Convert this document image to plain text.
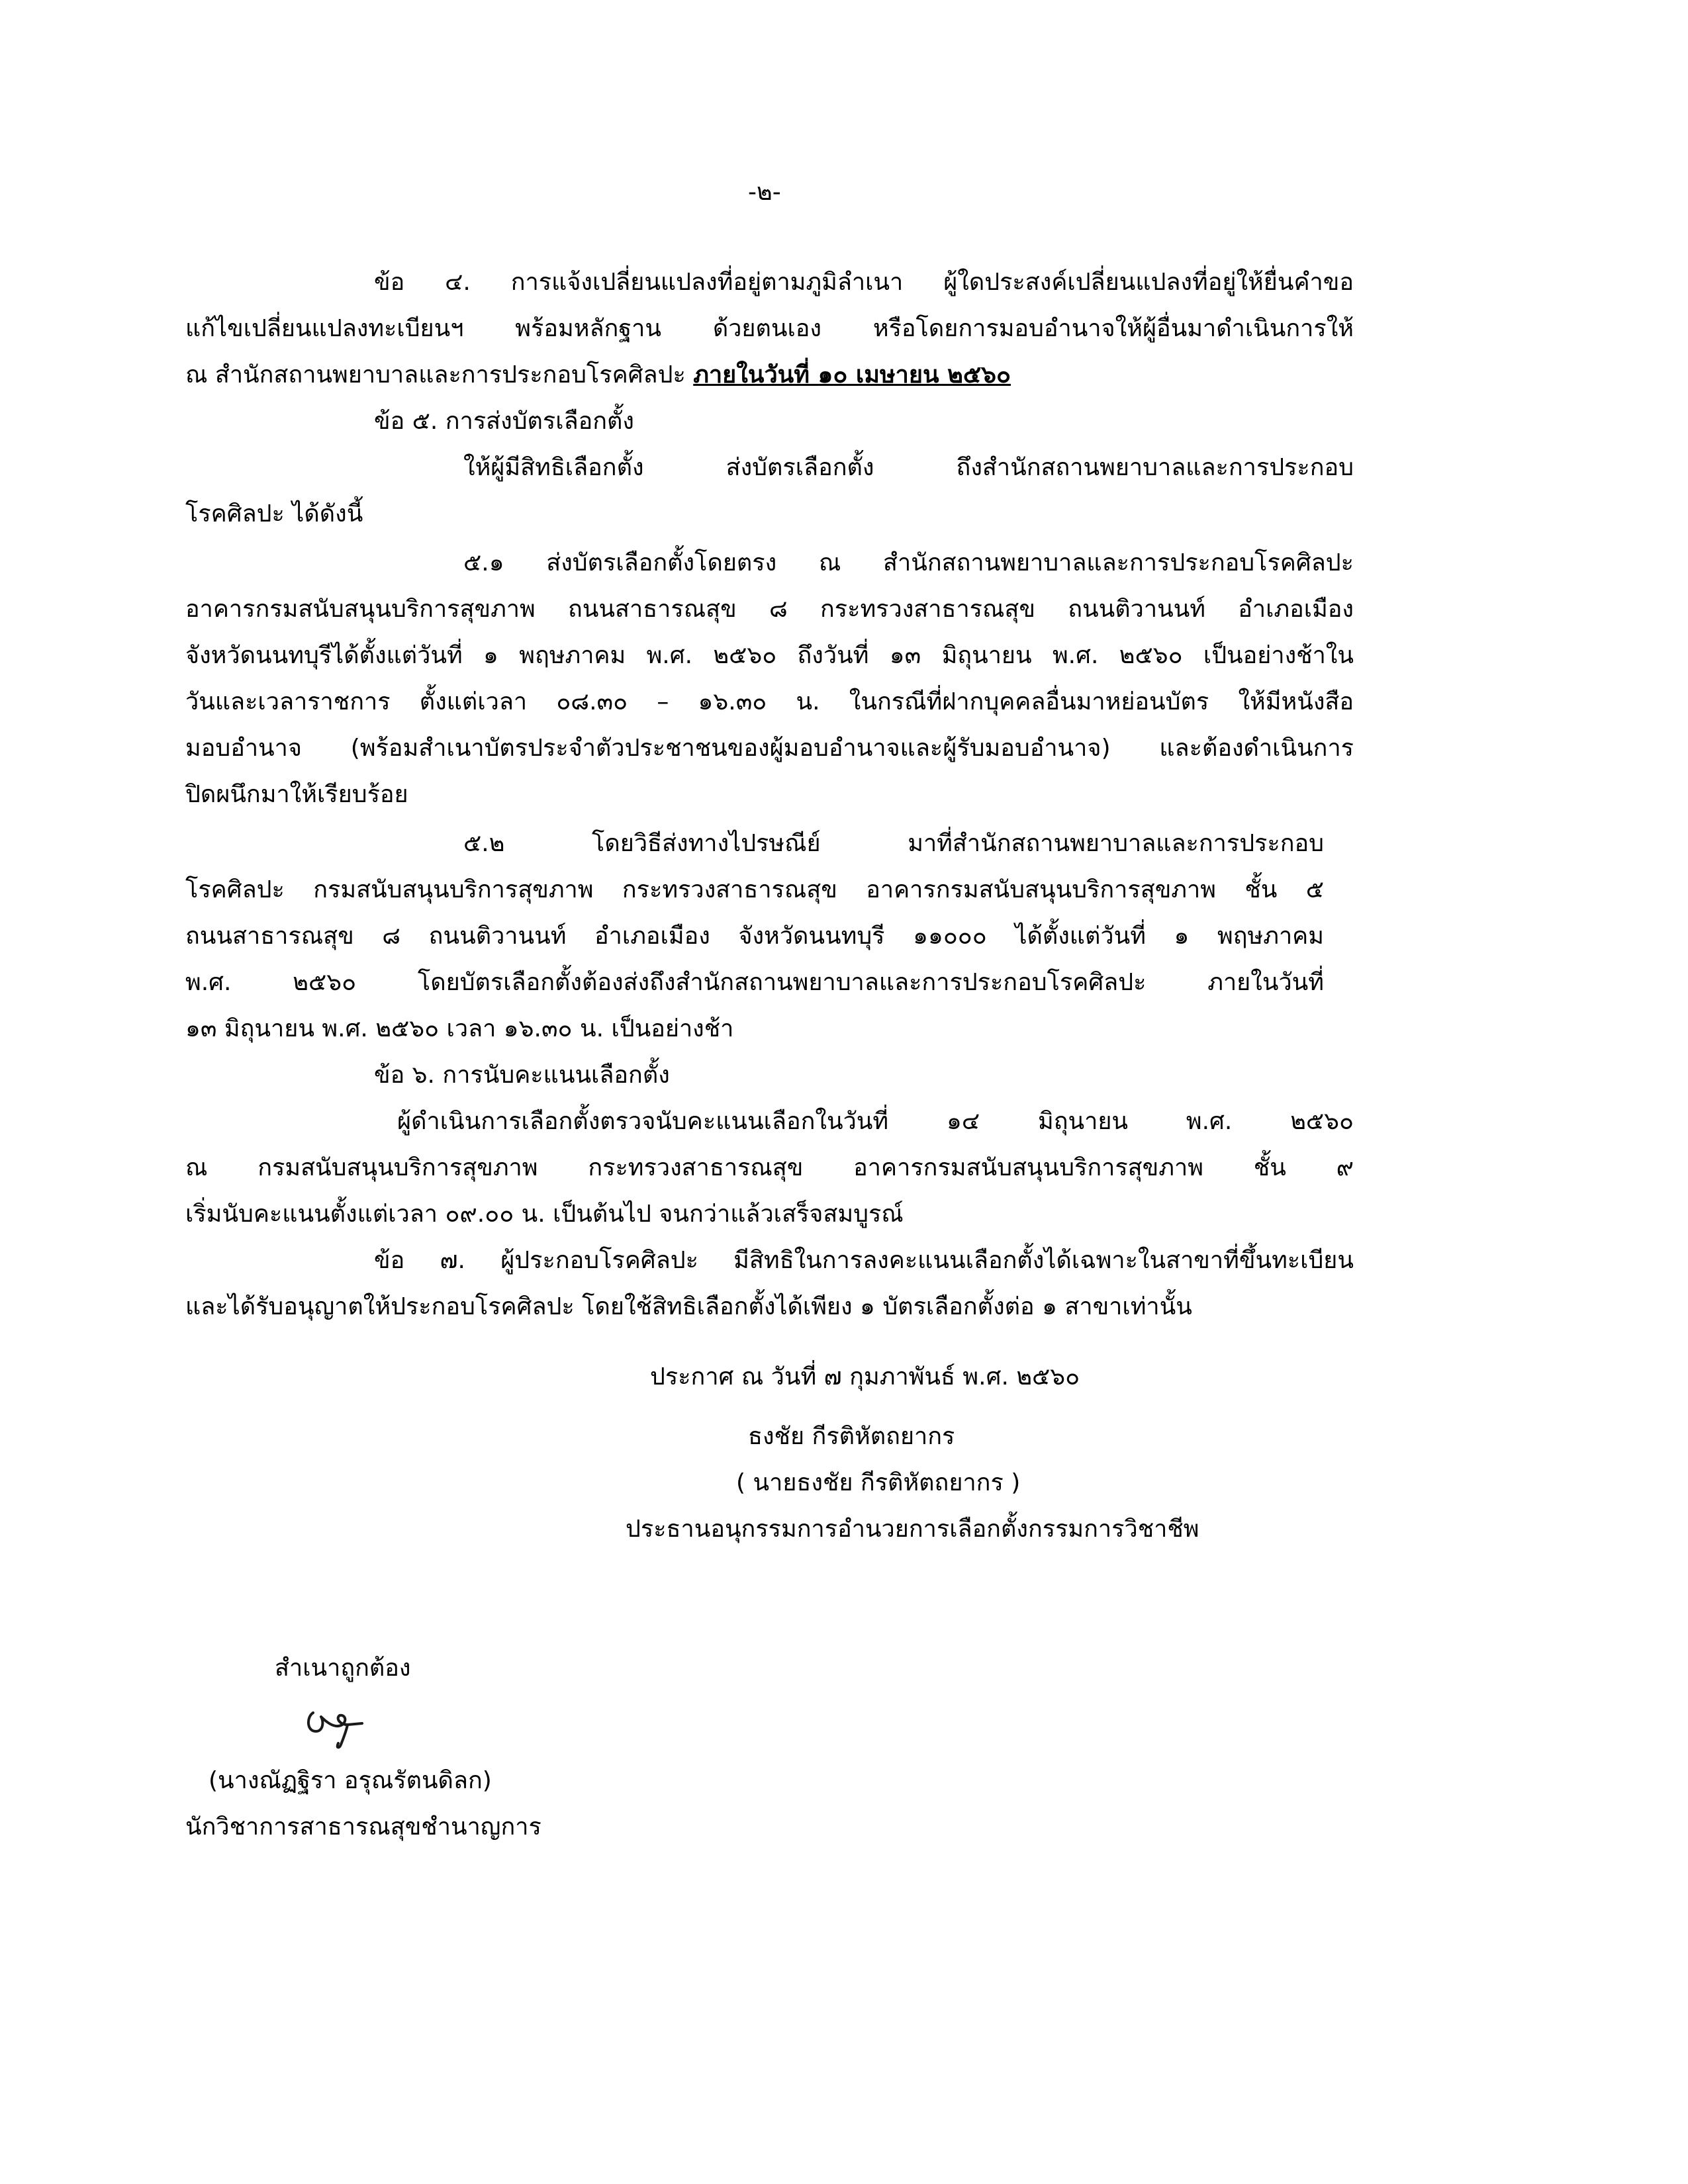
-๒-
ข้อ ๔. การแจ้งเปลี่ยนแปลงที่อยู่ตามภูมิลำเนา ผู้ใดประสงค์เปลี่ยนแปลงที่อยู่ให้ยื่นคำขอ
แก้ไขเปลี่ยนแปลงทะเบียนฯ พร้อมหลักฐาน ด้วยตนเอง หรือโดยการมอบอำนาจให้ผู้อื่นมาดำเนินการให้
ณ สำนักสถานพยาบาลและการประกอบโรคศิลปะ ภายในวันที่ ๑๐ เมษายน ๒๕๖๐
ข้อ ๕. การส่งบัตรเลือกตั้ง
ให้ผู้มีสิทธิเลือกตั้ง ส่งบัตรเลือกตั้ง ถึงสำนักสถานพยาบาลและการประกอบ
โรคศิลปะ ได้ดังนี้
๕.๑ ส่งบัตรเลือกตั้งโดยตรง ณ สำนักสถานพยาบาลและการประกอบโรคศิลปะ
อาคารกรมสนับสนุนบริการสุขภาพ ถนนสาธารณสุข ๘ กระทรวงสาธารณสุข ถนนติวานนท์ อำเภอเมือง
จังหวัดนนทบุรีได้ตั้งแต่วันที่ ๑ พฤษภาคม พ.ศ. ๒๕๖๐ ถึงวันที่ ๑๓ มิถุนายน พ.ศ. ๒๕๖๐ เป็นอย่างช้าใน
วันและเวลาราชการ ตั้งแต่เวลา ๐๘.๓๐ – ๑๖.๓๐ น. ในกรณีที่ฝากบุคคลอื่นมาหย่อนบัตร ให้มีหนังสือ
มอบอำนาจ (พร้อมสำเนาบัตรประจำตัวประชาชนของผู้มอบอำนาจและผู้รับมอบอำนาจ) และต้องดำเนินการ
ปิดผนึกมาให้เรียบร้อย
๕.๒ โดยวิธีส่งทางไปรษณีย์ มาที่สำนักสถานพยาบาลและการประกอบ
โรคศิลปะ กรมสนับสนุนบริการสุขภาพ กระทรวงสาธารณสุข อาคารกรมสนับสนุนบริการสุขภาพ ชั้น ๕
ถนนสาธารณสุข ๘ ถนนติวานนท์ อำเภอเมือง จังหวัดนนทบุรี ๑๑๐๐๐ ได้ตั้งแต่วันที่ ๑ พฤษภาคม
พ.ศ. ๒๕๖๐ โดยบัตรเลือกตั้งต้องส่งถึงสำนักสถานพยาบาลและการประกอบโรคศิลปะ ภายในวันที่
๑๓ มิถุนายน พ.ศ. ๒๕๖๐ เวลา ๑๖.๓๐ น. เป็นอย่างช้า
ข้อ ๖. การนับคะแนนเลือกตั้ง
ผู้ดำเนินการเลือกตั้งตรวจนับคะแนนเลือกในวันที่ ๑๔ มิถุนายน พ.ศ. ๒๕๖๐
ณ กรมสนับสนุนบริการสุขภาพ กระทรวงสาธารณสุข อาคารกรมสนับสนุนบริการสุขภาพ ชั้น ๙
เริ่มนับคะแนนตั้งแต่เวลา ๐๙.๐๐ น. เป็นต้นไป จนกว่าแล้วเสร็จสมบูรณ์
ข้อ ๗. ผู้ประกอบโรคศิลปะ มีสิทธิในการลงคะแนนเลือกตั้งได้เฉพาะในสาขาที่ขึ้นทะเบียน
และได้รับอนุญาตให้ประกอบโรคศิลปะ โดยใช้สิทธิเลือกตั้งได้เพียง ๑ บัตรเลือกตั้งต่อ ๑ สาขาเท่านั้น
ประกาศ ณ วันที่ ๗ กุมภาพันธ์ พ.ศ. ๒๕๖๐
ธงชัย กีรติหัตถยากร
( นายธงชัย กีรติหัตถยากร )
ประธานอนุกรรมการอำนวยการเลือกตั้งกรรมการวิชาชีพ
สำเนาถูกต้อง
(นางณัฏฐิรา อรุณรัตนดิลก)
นักวิชาการสาธารณสุขชำนาญการ
